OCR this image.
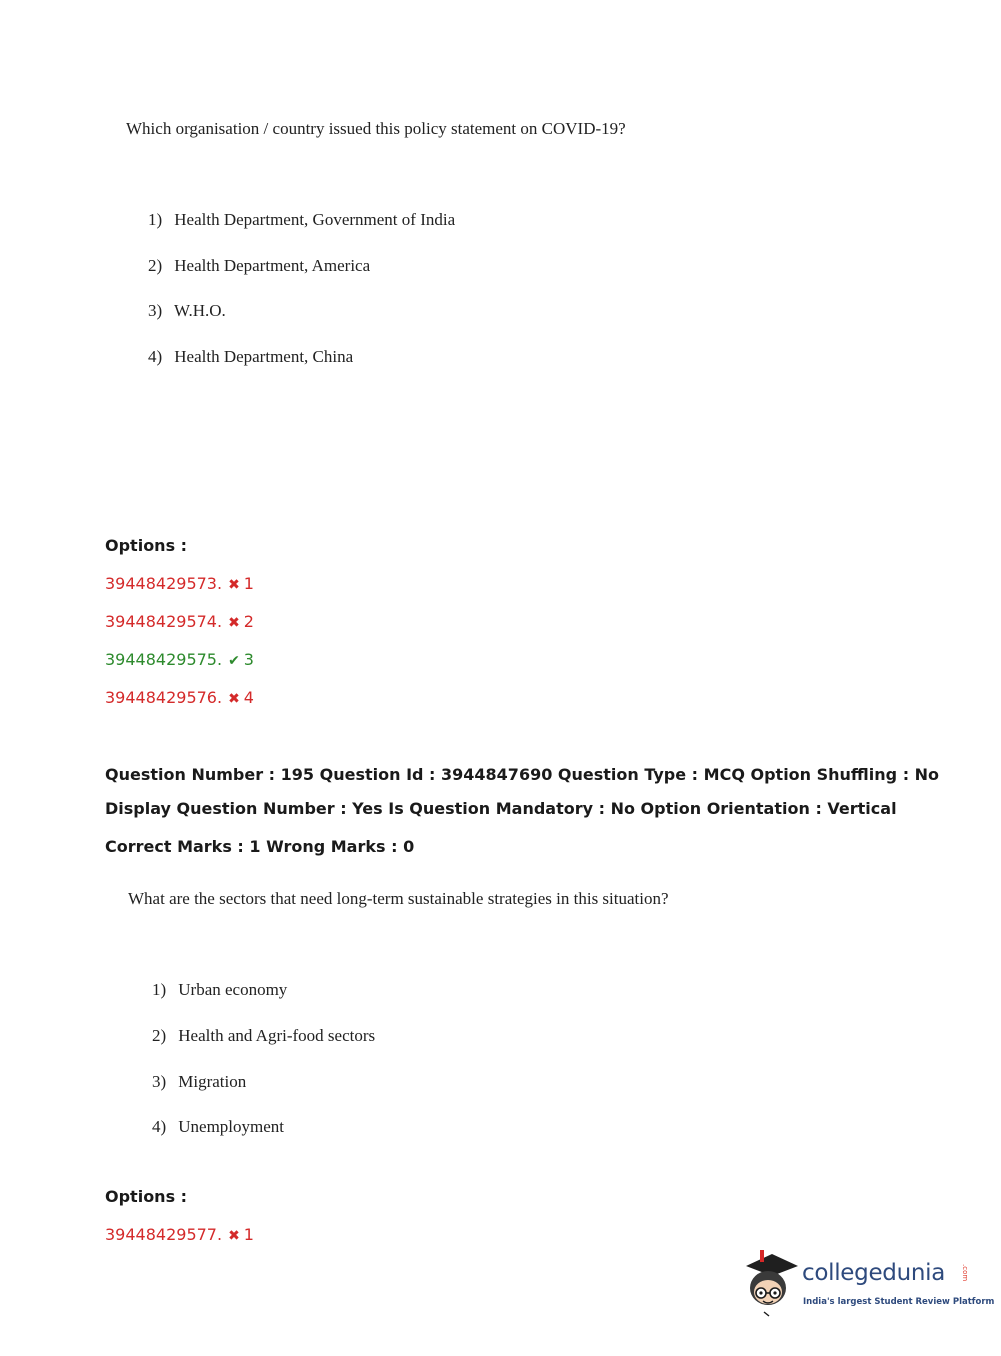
Which organisation / country issued this policy statement on COVID-19?
1) Health Department, Government of India
2) Health Department, America
3) W.H.O.
4) Health Department, China
Options :
39448429573. ✖ 1
39448429574. ✖ 2
39448429575. ✔ 3
39448429576. ✖ 4
Question Number : 195 Question Id : 3944847690 Question Type : MCQ Option Shuffling : No
Display Question Number : Yes Is Question Mandatory : No Option Orientation : Vertical
Correct Marks : 1 Wrong Marks : 0
What are the sectors that need long-term sustainable strategies in this situation?
1) Urban economy
2) Health and Agri-food sectors
3) Migration
4) Unemployment
Options :
39448429577. ✖ 1
collegedunia .com
India's largest Student Review Platform
